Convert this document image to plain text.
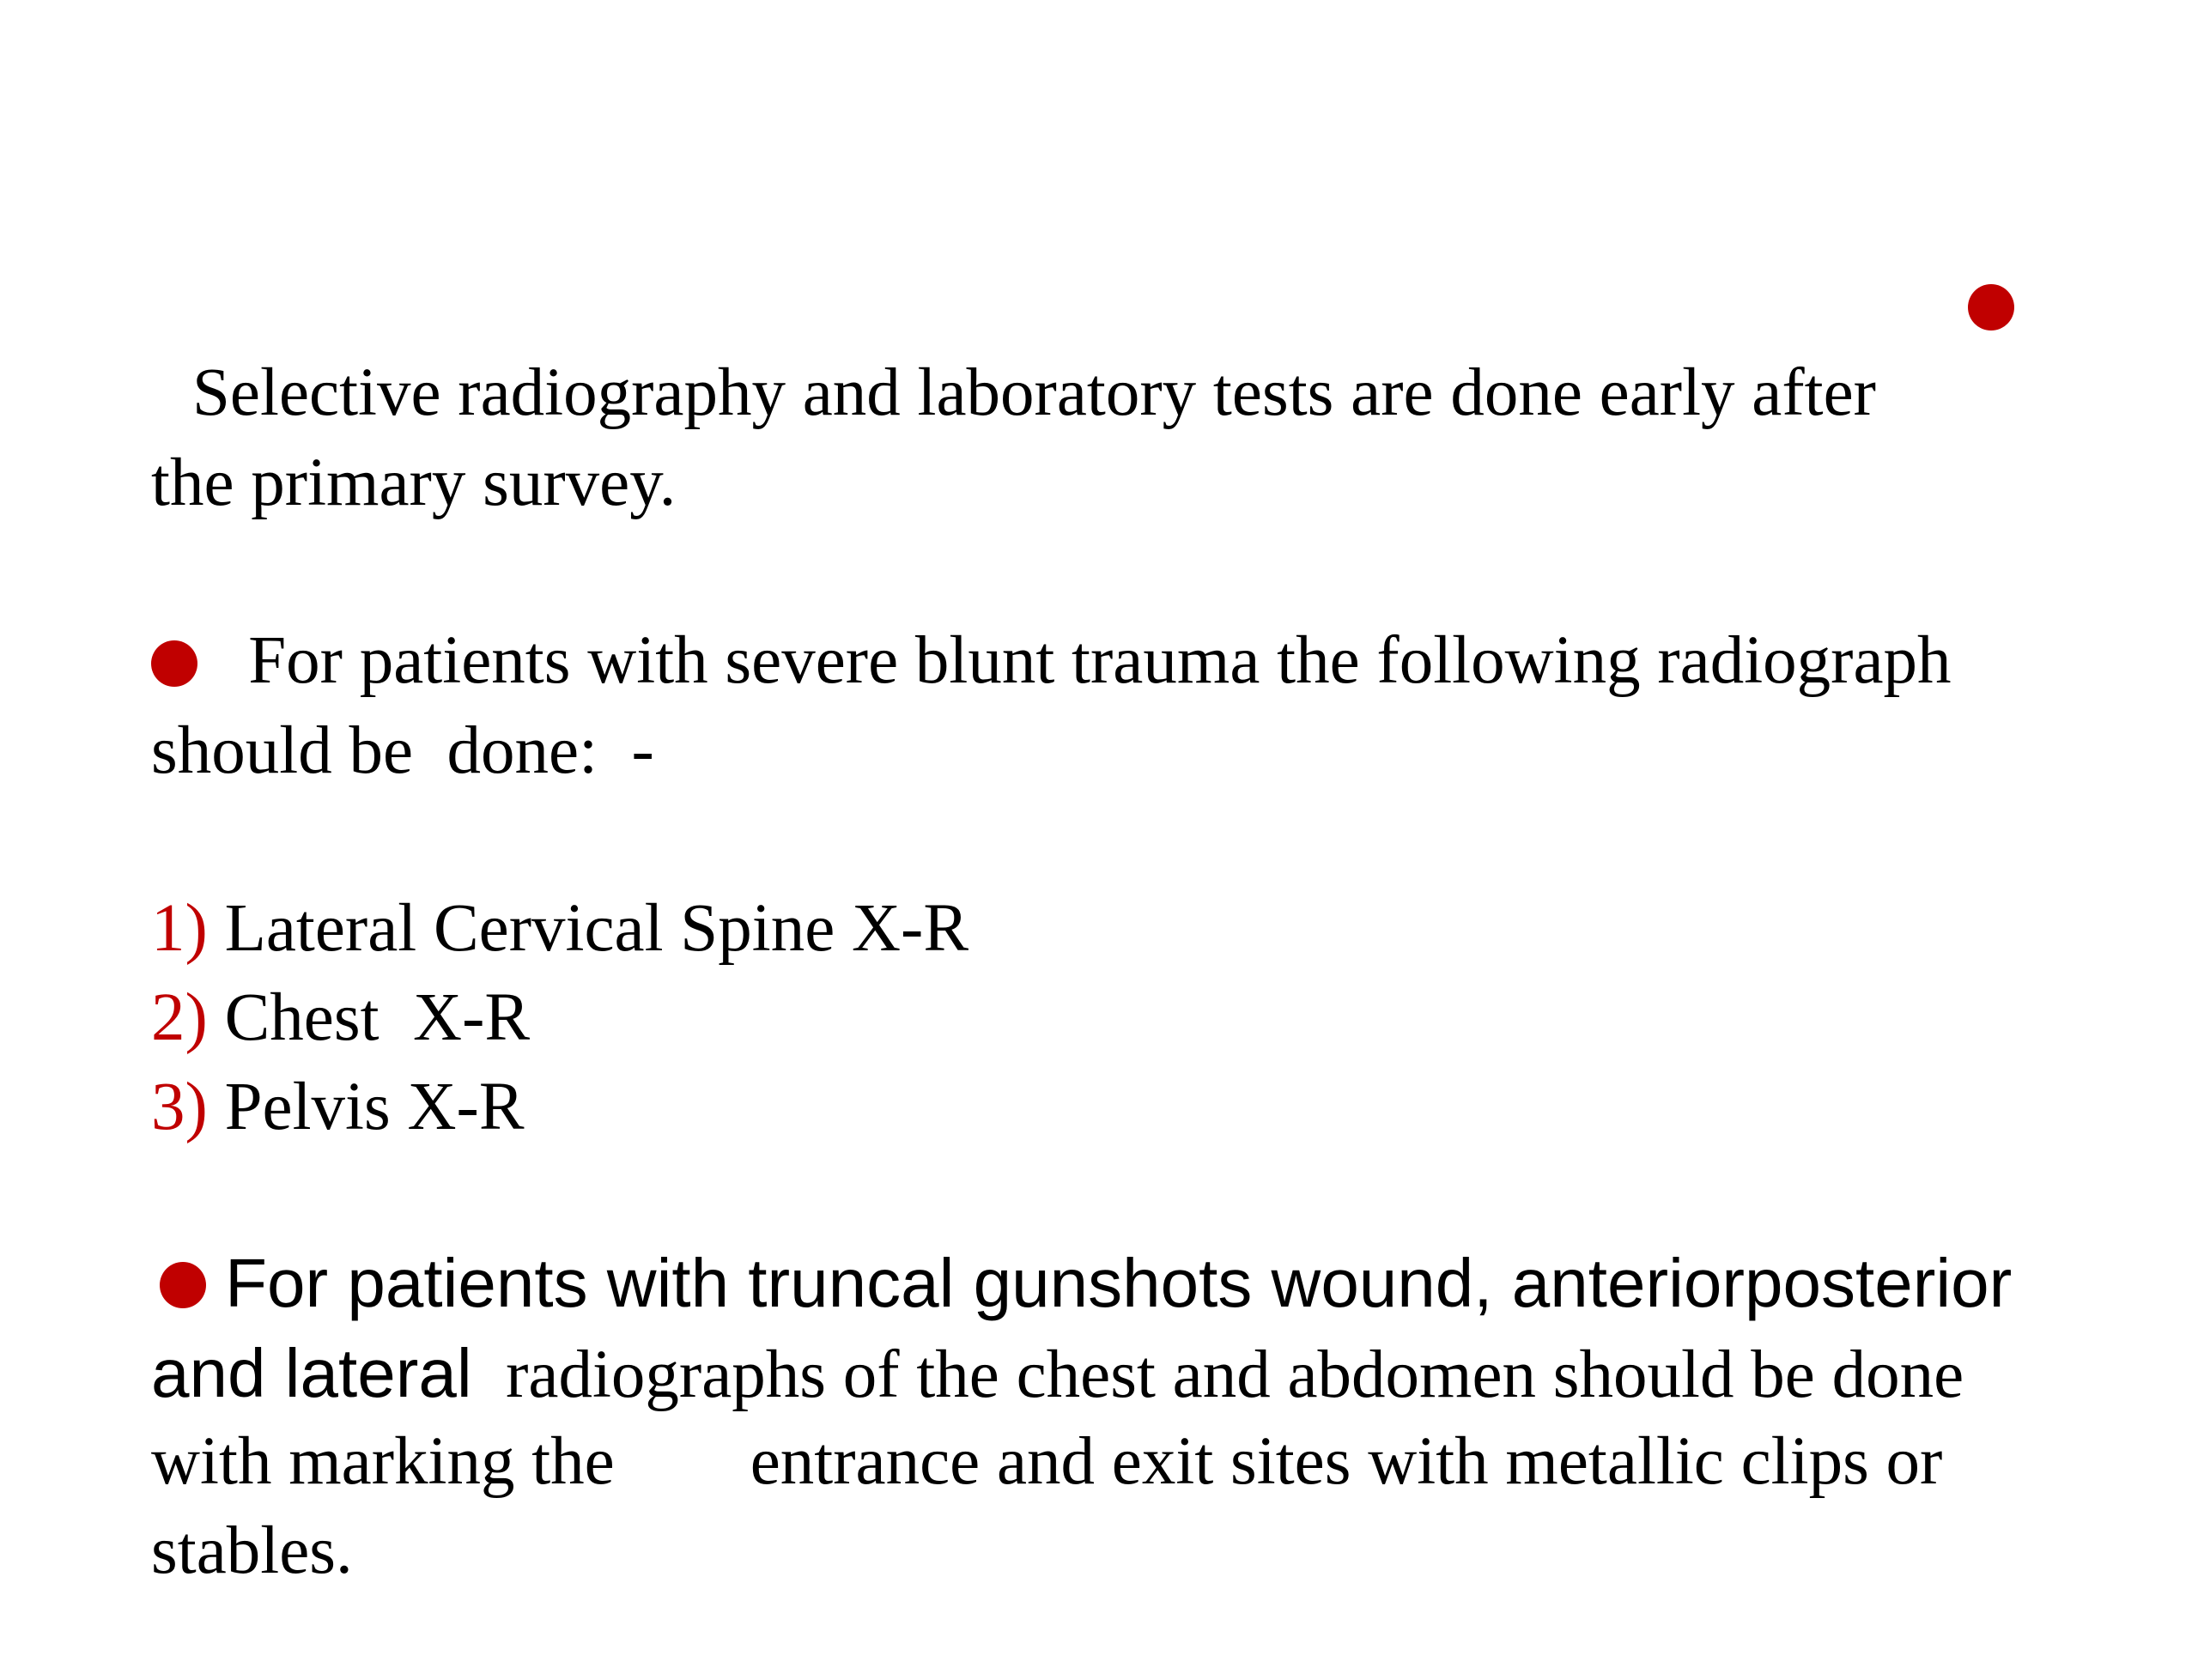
Selective radiography and laboratory tests are done early after

the primary survey.

For patients with severe blunt trauma the following radiograph

should be  done:  -

1) Lateral Cervical Spine X-R

2) Chest  X-R

3) Pelvis X-R

For patients with truncal gunshots wound, anteriorposterior

and lateral  radiographs of the chest and abdomen should be done

with marking the        entrance and exit sites with metallic clips or

stables.
